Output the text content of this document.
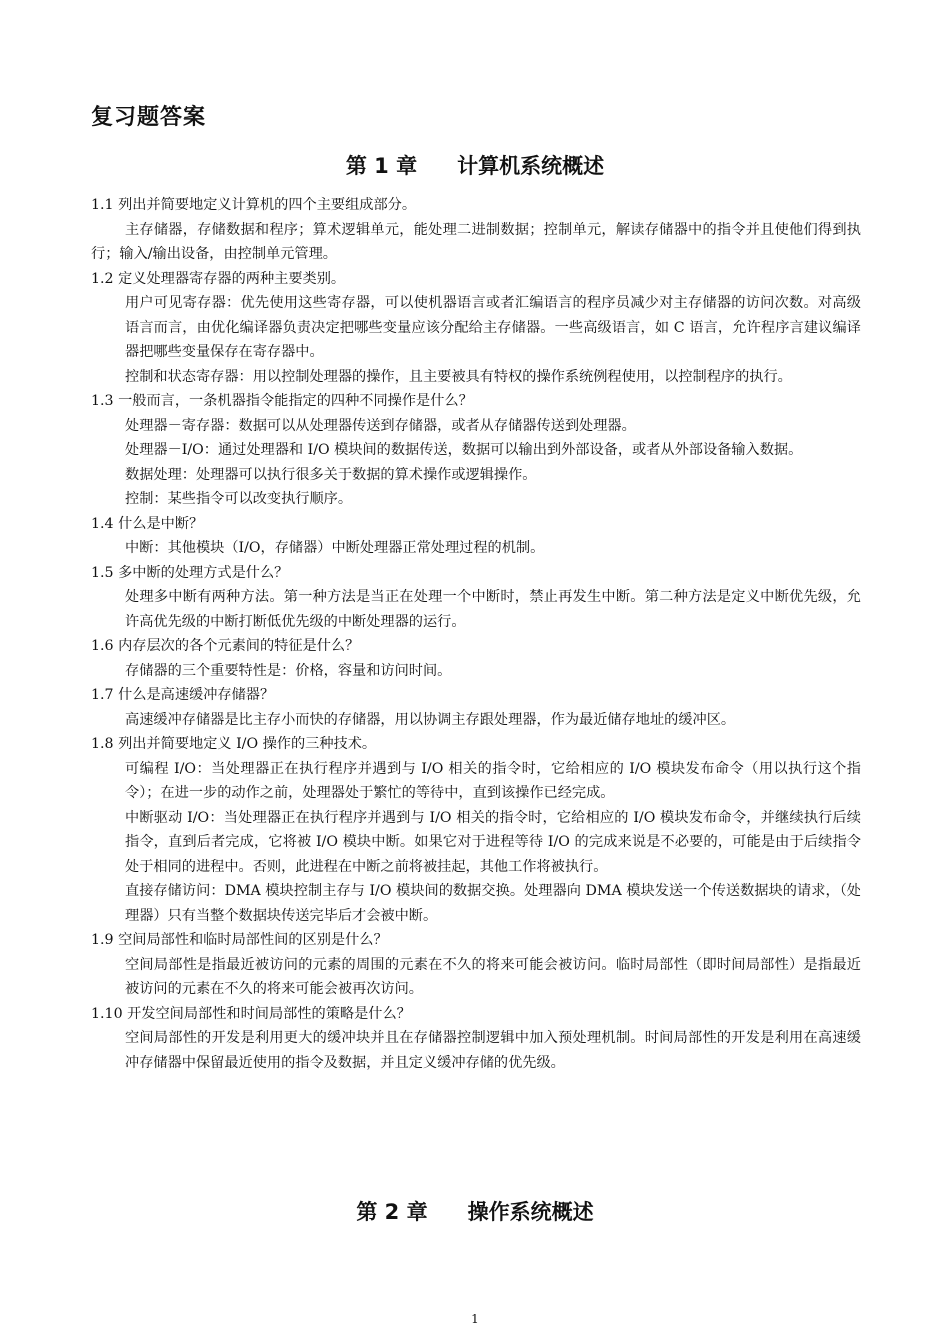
复习题答案
第 1 章 计算机系统概述

1.1 列出并简要地定义计算机的四个主要组成部分。

主存储器，存储数据和程序；算术逻辑单元，能处理二进制数据；控制单元，解读存储器中的指令并且使他们得到执行；输入/输出设备，由控制单元管理。

1.2 定义处理器寄存器的两种主要类别。

用户可见寄存器：优先使用这些寄存器，可以使机器语言或者汇编语言的程序员减少对主存储器的访问次数。对高级语言而言，由优化编译器负责决定把哪些变量应该分配给主存储器。一些高级语言，如 C 语言，允许程序言建议编译器把哪些变量保存在寄存器中。

控制和状态寄存器：用以控制处理器的操作，且主要被具有特权的操作系统例程使用，以控制程序的执行。

1.3 一般而言，一条机器指令能指定的四种不同操作是什么？

处理器－寄存器：数据可以从处理器传送到存储器，或者从存储器传送到处理器。

处理器－I/O：通过处理器和 I/O 模块间的数据传送，数据可以输出到外部设备，或者从外部设备输入数据。

数据处理：处理器可以执行很多关于数据的算术操作或逻辑操作。

控制：某些指令可以改变执行顺序。

1.4 什么是中断？

中断：其他模块（I/O，存储器）中断处理器正常处理过程的机制。

1.5 多中断的处理方式是什么？

处理多中断有两种方法。第一种方法是当正在处理一个中断时，禁止再发生中断。第二种方法是定义中断优先级，允许高优先级的中断打断低优先级的中断处理器的运行。

1.6 内存层次的各个元素间的特征是什么？

存储器的三个重要特性是：价格，容量和访问时间。

1.7 什么是高速缓冲存储器？

高速缓冲存储器是比主存小而快的存储器，用以协调主存跟处理器，作为最近储存地址的缓冲区。

1.8 列出并简要地定义 I/O 操作的三种技术。

可编程 I/O：当处理器正在执行程序并遇到与 I/O 相关的指令时，它给相应的 I/O 模块发布命令（用以执行这个指令）；在进一步的动作之前，处理器处于繁忙的等待中，直到该操作已经完成。

中断驱动 I/O：当处理器正在执行程序并遇到与 I/O 相关的指令时，它给相应的 I/O 模块发布命令，并继续执行后续指令，直到后者完成，它将被 I/O 模块中断。如果它对于进程等待 I/O 的完成来说是不必要的，可能是由于后续指令处于相同的进程中。否则，此进程在中断之前将被挂起，其他工作将被执行。

直接存储访问：DMA 模块控制主存与 I/O 模块间的数据交换。处理器向 DMA 模块发送一个传送数据块的请求，（处理器）只有当整个数据块传送完毕后才会被中断。

1.9 空间局部性和临时局部性间的区别是什么？

空间局部性是指最近被访问的元素的周围的元素在不久的将来可能会被访问。临时局部性（即时间局部性）是指最近被访问的元素在不久的将来可能会被再次访问。

1.10 开发空间局部性和时间局部性的策略是什么？

空间局部性的开发是利用更大的缓冲块并且在存储器控制逻辑中加入预处理机制。时间局部性的开发是利用在高速缓冲存储器中保留最近使用的指令及数据，并且定义缓冲存储的优先级。

第 2 章 操作系统概述
1
